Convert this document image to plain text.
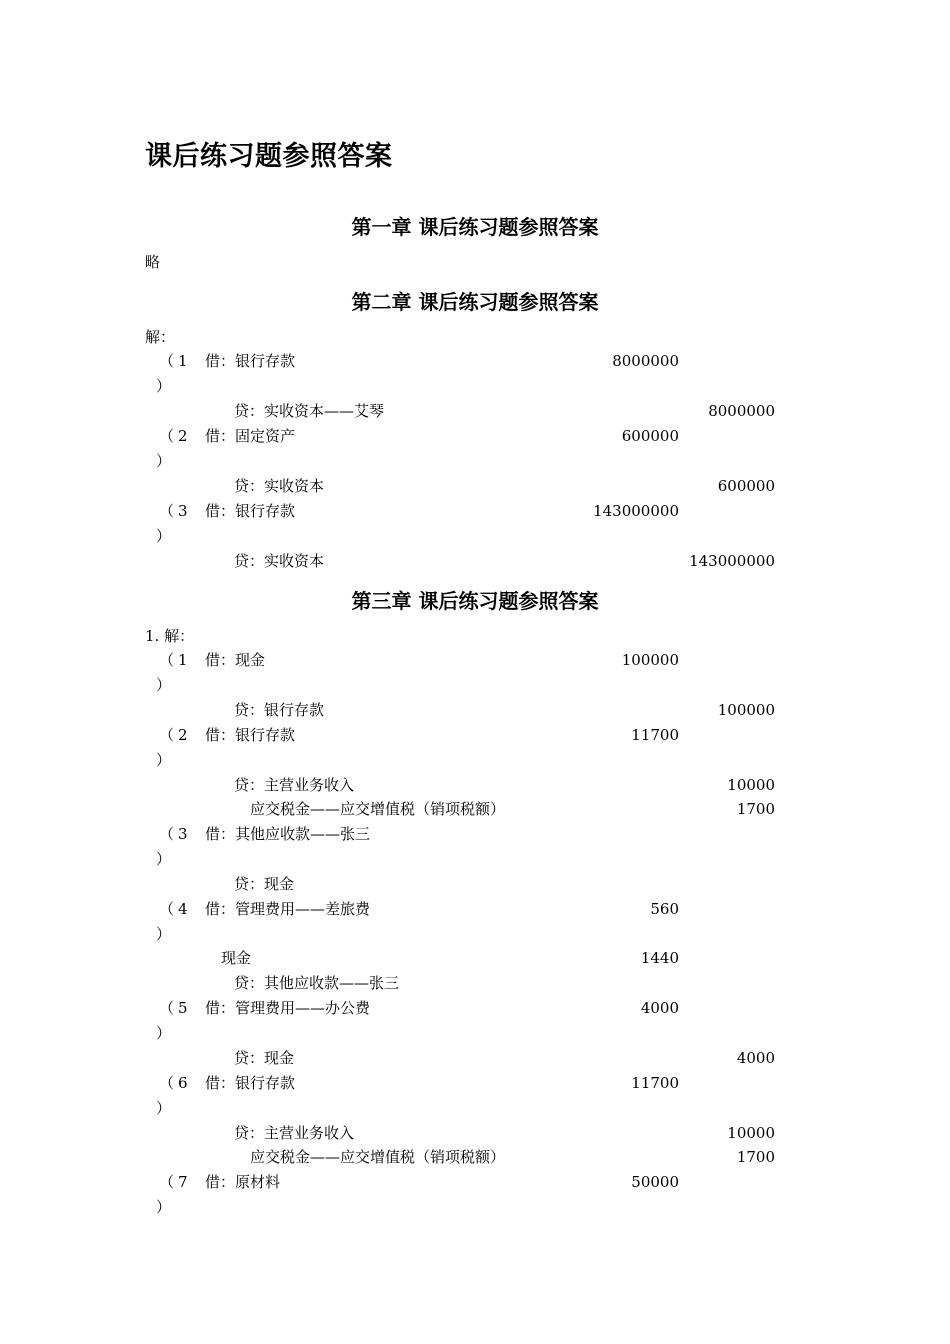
课后练习题参照答案
第一章 课后练习题参照答案
略
第二章 课后练习题参照答案
解：
（
）
1 借：银行存款	8000000
贷：实收资本——艾琴	8000000
（
）
2 借：固定资产	600000
贷：实收资本	600000
（
）
3 借：银行存款	143000000
贷：实收资本	143000000
第三章 课后练习题参照答案
1. 解：
（
）
1 借：现金	100000
贷：银行存款	100000
（
）
2 借：银行存款	11700
贷：主营业务收入	10000
应交税金——应交增值税（销项税额）	1700
（
）
3 借：其他应收款——张三
贷：现金
（
）
4 借：管理费用——差旅费	560
现金	1440
贷：其他应收款——张三
（
）
5 借：管理费用——办公费	4000
贷：现金	4000
（
）
6 借：银行存款	11700
贷：主营业务收入	10000
应交税金——应交增值税（销项税额）	1700
（
）
7 借：原材料	50000
